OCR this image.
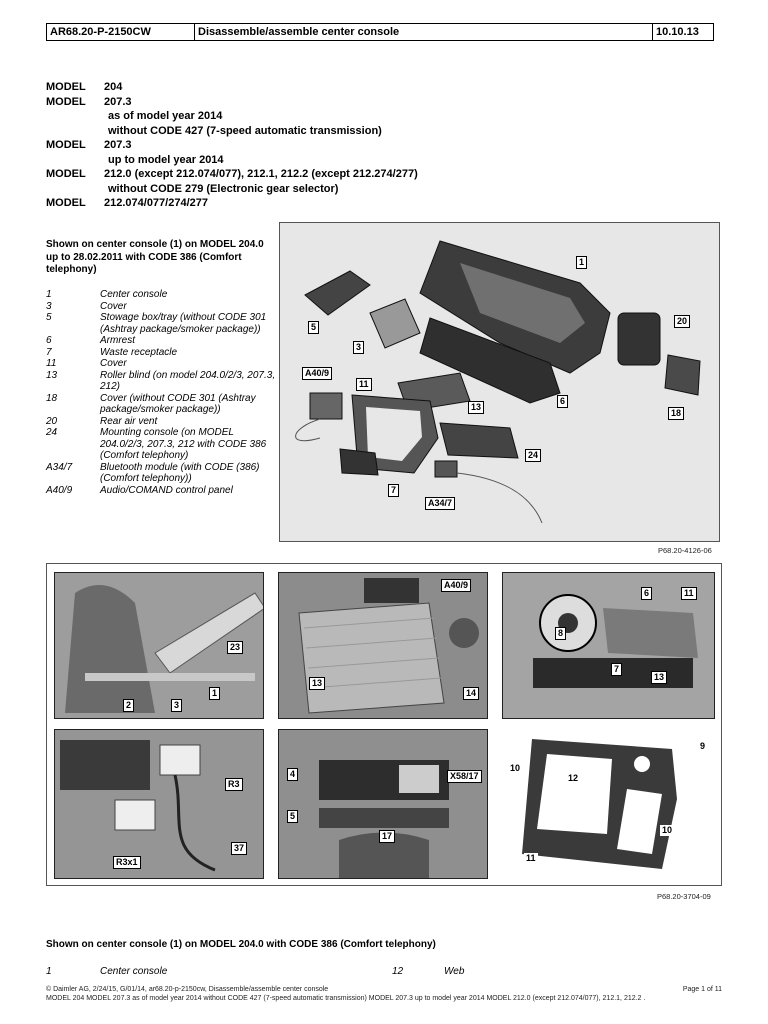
AR68.20-P-2150CW	Disassemble/assemble center console	10.10.13
MODEL	204
MODEL	207.3
as of model year 2014
without CODE 427 (7-speed automatic transmission)
MODEL	207.3
up to model year 2014
MODEL	212.0 (except 212.074/077), 212.1, 212.2 (except 212.274/277)
without CODE 279 (Electronic gear selector)
MODEL	212.074/077/274/277
Shown on center console (1) on MODEL 204.0 up to 28.02.2011 with CODE 386 (Comfort telephony)
1	Center console
3	Cover
5	Stowage box/tray (without CODE 301 (Ashtray package/smoker package))
6	Armrest
7	Waste receptacle
11	Cover
13	Roller blind (on model 204.0/2/3, 207.3, 212)
18	Cover (without CODE 301 (Ashtray package/smoker package))
20	Rear air vent
24	Mounting console (on MODEL 204.0/2/3, 207.3, 212 with CODE 386 (Comfort telephony)
A34/7	Bluetooth module (with CODE (386) (Comfort telephony))
A40/9	Audio/COMAND control panel
1
5
3
20
A40/9
11
13
6
18
24
7
A34/7
P68.20-4126-06
23
2	3
1
A40/9
13
14
6	11
8
7
13
R3
37
R3x1
4	X58/17
5
17
9
10
12
10
11
P68.20-3704-09
Shown on center console (1) on MODEL 204.0 with CODE 386 (Comfort telephony)
1	Center console	12	Web
© Daimler AG, 2/24/15, G/01/14, ar68.20-p-2150cw, Disassemble/assemble center console	Page 1 of 11
MODEL 204 MODEL 207.3 as of model year 2014 without CODE 427 (7-speed automatic transmission) MODEL 207.3 up to model year 2014 MODEL 212.0 (except 212.074/077), 212.1, 212.2 .
